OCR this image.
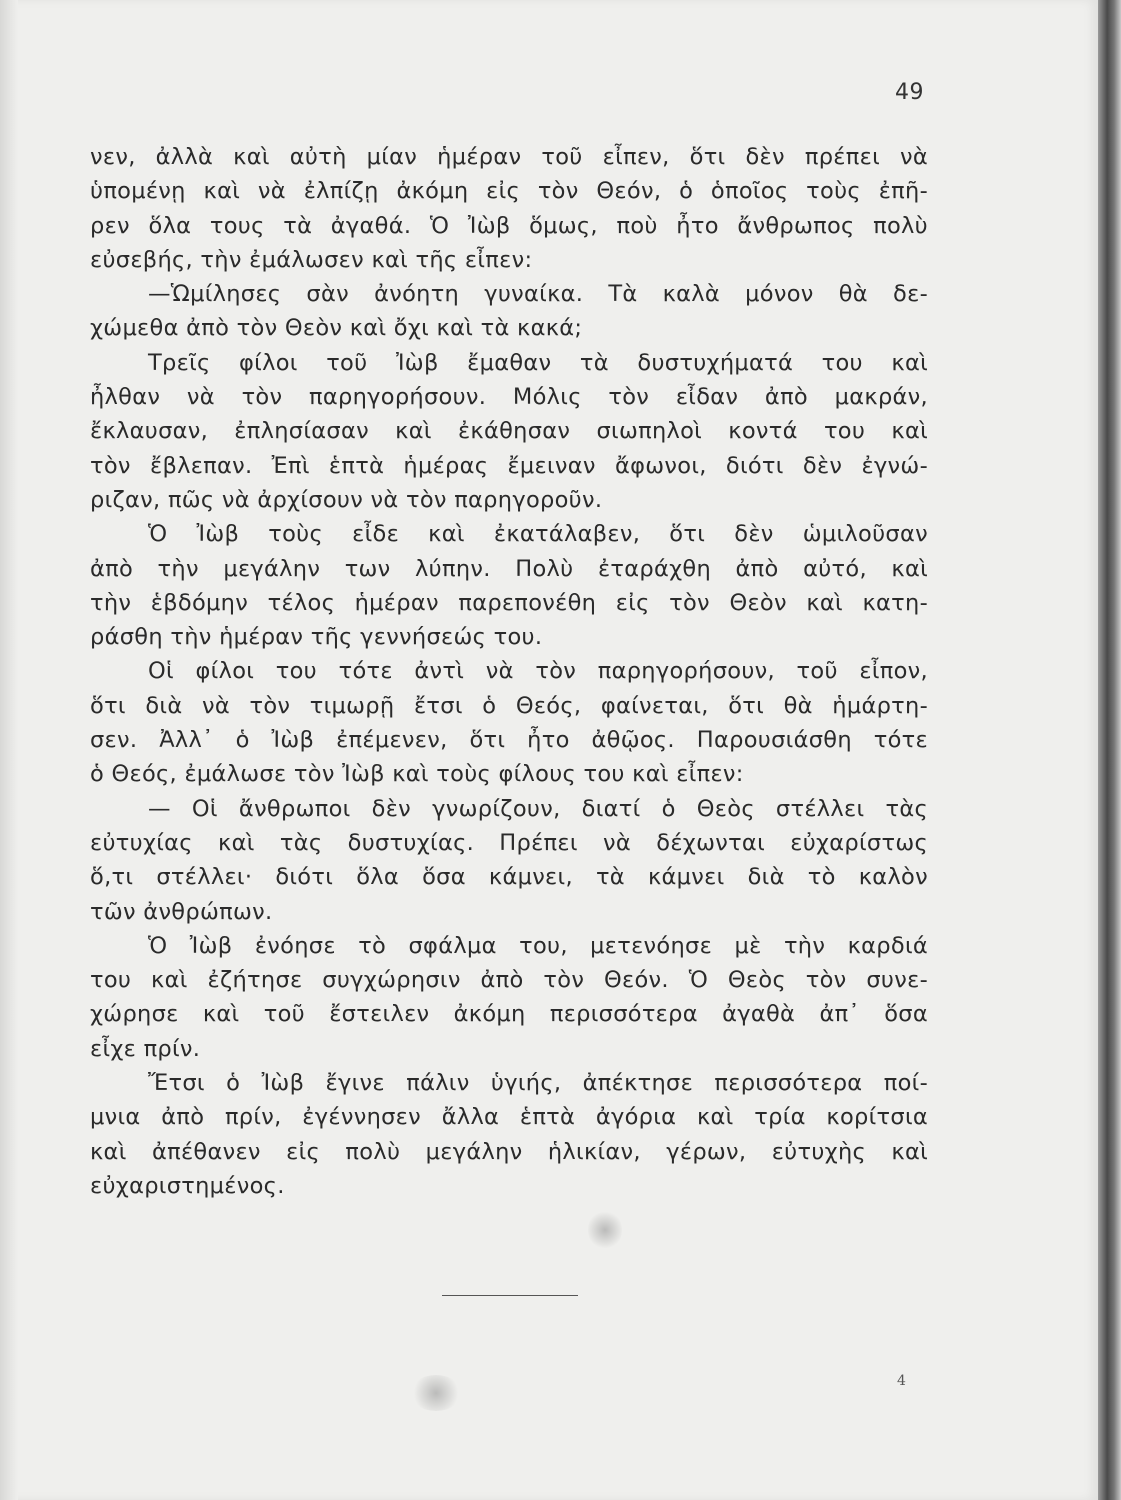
49
νεν, ἀλλὰ καὶ αὐτὴ μίαν ἡμέραν τοῦ εἶπεν, ὅτι δὲν πρέπει νὰ
ὑπομένῃ καὶ νὰ ἐλπίζῃ ἀκόμη εἰς τὸν Θεόν, ὁ ὁποῖος τοὺς ἐπῆ-
ρεν ὅλα τους τὰ ἀγαθά. Ὁ Ἰὼβ ὅμως, ποὺ ἦτο ἄνθρωπος πολὺ
εὐσεβής, τὴν ἐμάλωσεν καὶ τῆς εἶπεν:
—Ὡμίλησες σὰν ἀνόητη γυναίκα. Τὰ καλὰ μόνον θὰ δε-
χώμεθα ἀπὸ τὸν Θεὸν καὶ ὄχι καὶ τὰ κακά;
Τρεῖς φίλοι τοῦ Ἰὼβ ἔμαθαν τὰ δυστυχήματά του καὶ
ἦλθαν νὰ τὸν παρηγορήσουν. Μόλις τὸν εἶδαν ἀπὸ μακράν,
ἔκλαυσαν, ἐπλησίασαν καὶ ἐκάθησαν σιωπηλοὶ κοντά του καὶ
τὸν ἔβλεπαν. Ἐπὶ ἑπτὰ ἡμέρας ἔμειναν ἄφωνοι, διότι δὲν ἐγνώ-
ριζαν, πῶς νὰ ἀρχίσουν νὰ τὸν παρηγοροῦν.
Ὁ Ἰὼβ τοὺς εἶδε καὶ ἐκατάλαβεν, ὅτι δὲν ὡμιλοῦσαν
ἀπὸ τὴν μεγάλην των λύπην. Πολὺ ἐταράχθη ἀπὸ αὐτό, καὶ
τὴν ἑβδόμην τέλος ἡμέραν παρεπονέθη εἰς τὸν Θεὸν καὶ κατη-
ράσθη τὴν ἡμέραν τῆς γεννήσεώς του.
Οἱ φίλοι του τότε ἀντὶ νὰ τὸν παρηγορήσουν, τοῦ εἶπον,
ὅτι διὰ νὰ τὸν τιμωρῇ ἔτσι ὁ Θεός, φαίνεται, ὅτι θὰ ἡμάρτη-
σεν. Ἀλλ᾽ ὁ Ἰὼβ ἐπέμενεν, ὅτι ἦτο ἀθῷος. Παρουσιάσθη τότε
ὁ Θεός, ἐμάλωσε τὸν Ἰὼβ καὶ τοὺς φίλους του καὶ εἶπεν:
— Οἱ ἄνθρωποι δὲν γνωρίζουν, διατί ὁ Θεὸς στέλλει τὰς
εὐτυχίας καὶ τὰς δυστυχίας. Πρέπει νὰ δέχωνται εὐχαρίστως
ὅ,τι στέλλει· διότι ὅλα ὅσα κάμνει, τὰ κάμνει διὰ τὸ καλὸν
τῶν ἀνθρώπων.
Ὁ Ἰὼβ ἐνόησε τὸ σφάλμα του, μετενόησε μὲ τὴν καρδιά
του καὶ ἐζήτησε συγχώρησιν ἀπὸ τὸν Θεόν. Ὁ Θεὸς τὸν συνε-
χώρησε καὶ τοῦ ἔστειλεν ἀκόμη περισσότερα ἀγαθὰ ἀπ᾽ ὅσα
εἶχε πρίν.
Ἔτσι ὁ Ἰὼβ ἔγινε πάλιν ὑγιής, ἀπέκτησε περισσότερα ποί-
μνια ἀπὸ πρίν, ἐγέννησεν ἄλλα ἑπτὰ ἀγόρια καὶ τρία κορίτσια
καὶ ἀπέθανεν εἰς πολὺ μεγάλην ἡλικίαν, γέρων, εὐτυχὴς καὶ
εὐχαριστημένος.
4
